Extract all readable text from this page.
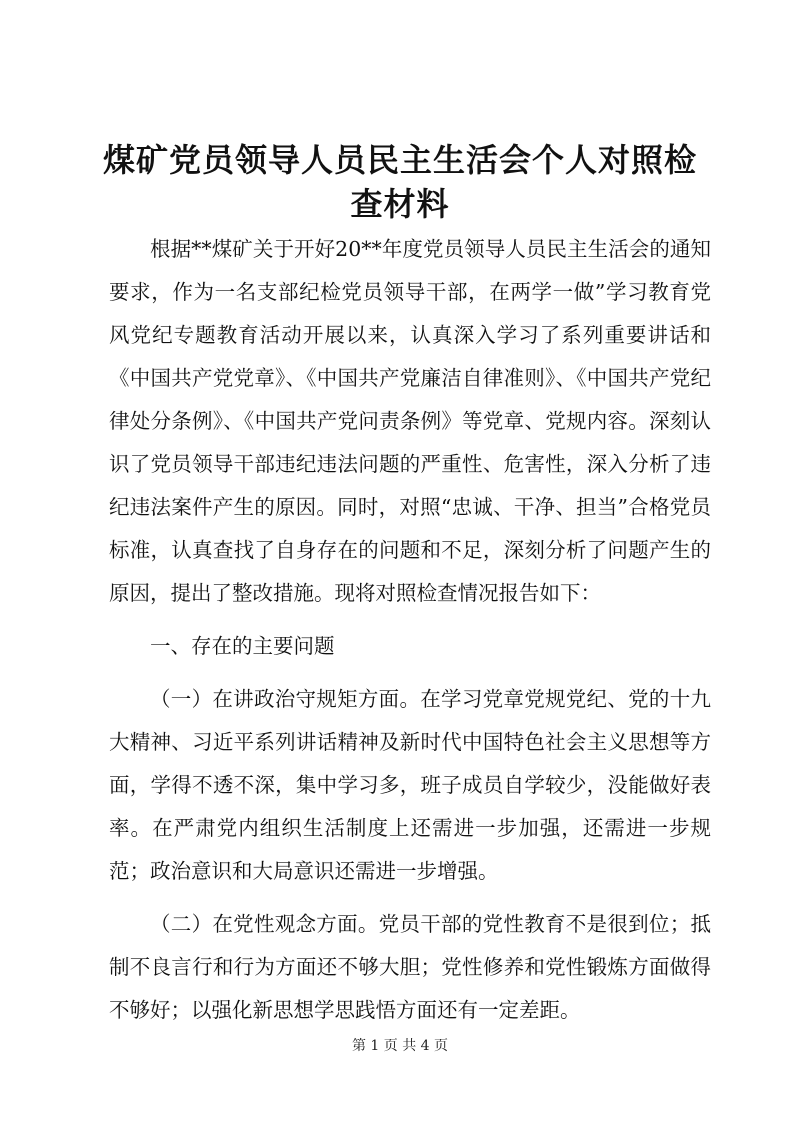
煤矿党员领导人员民主生活会个人对照检查材料

根据**煤矿关于开好20**年度党员领导人员民主生活会的通知要求，作为一名支部纪检党员领导干部，在两学一做”学习教育党风党纪专题教育活动开展以来，认真深入学习了系列重要讲话和《中国共产党党章》、《中国共产党廉洁自律准则》、《中国共产党纪律处分条例》、《中国共产党问责条例》等党章、党规内容。深刻认识了党员领导干部违纪违法问题的严重性、危害性，深入分析了违纪违法案件产生的原因。同时，对照“忠诚、干净、担当”合格党员标准，认真查找了自身存在的问题和不足，深刻分析了问题产生的原因，提出了整改措施。现将对照检查情况报告如下：

一、存在的主要问题

（一）在讲政治守规矩方面。在学习党章党规党纪、党的十九大精神、习近平系列讲话精神及新时代中国特色社会主义思想等方面，学得不透不深，集中学习多，班子成员自学较少，没能做好表率。在严肃党内组织生活制度上还需进一步加强，还需进一步规范；政治意识和大局意识还需进一步增强。

（二）在党性观念方面。党员干部的党性教育不是很到位；抵制不良言行和行为方面还不够大胆；党性修养和党性锻炼方面做得不够好；以强化新思想学思践悟方面还有一定差距。

第 1 页 共 4 页
